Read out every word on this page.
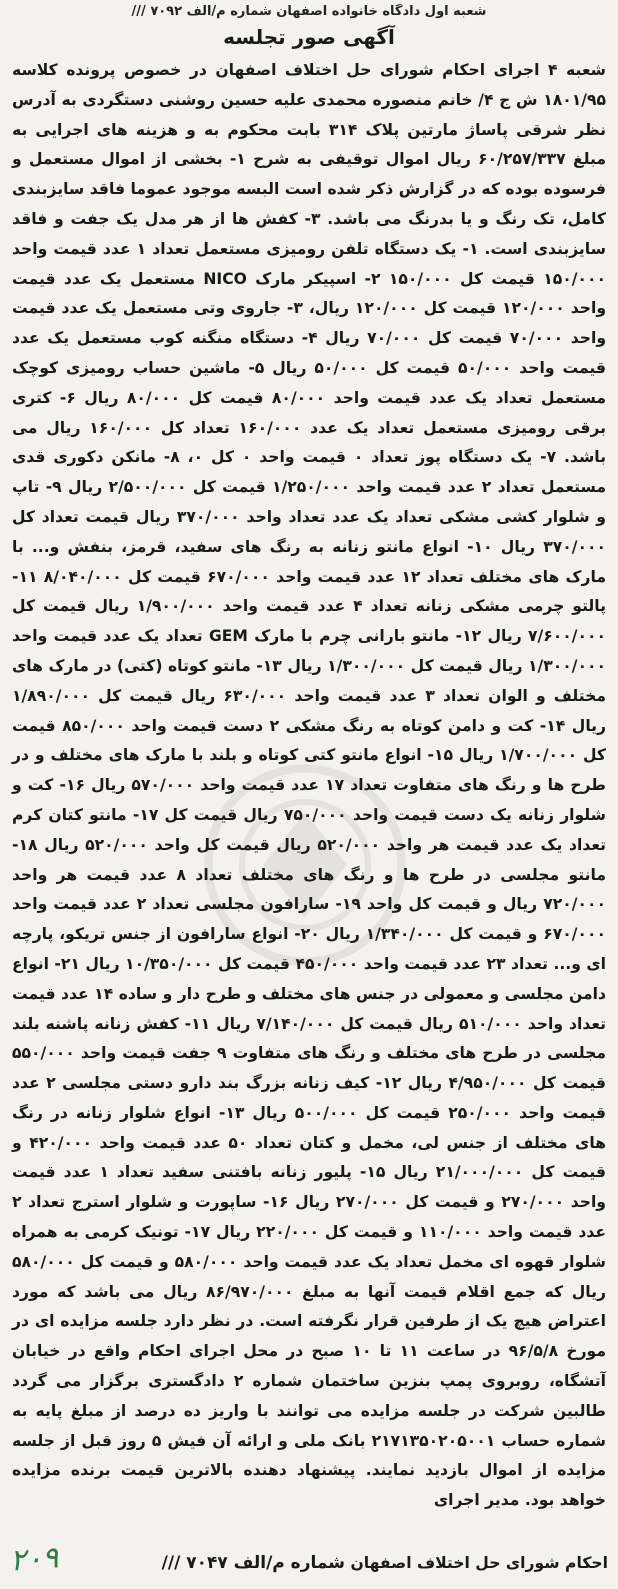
شعبه اول دادگاه خانواده اصفهان شماره م/الف ۷۰۹۲ ///
آگهی صور تجلسه

شعبه ۴ اجرای احکام شورای حل اختلاف اصفهان در خصوص پرونده کلاسه ۱۸۰۱/۹۵ ش ج ۴/ خانم منصوره محمدی علیه حسین روشنی دستگردی به آدرس نظر شرقی پاساژ مارتین پلاک ۳۱۴ بابت محکوم به و هزینه های اجرایی به مبلغ ۶۰/۲۵۷/۳۳۷ ریال اموال توقیفی به شرح ۱- بخشی از اموال مستعمل و فرسوده بوده که در گزارش ذکر شده است البسه موجود عموما فاقد سایزبندی کامل، تک رنگ و یا بدرنگ می باشد. ۳- کفش ها از هر مدل یک جفت و فاقد سایزبندی است. ۱- یک دستگاه تلفن رومیزی مستعمل تعداد ۱ عدد قیمت واحد ۱۵۰/۰۰۰ قیمت کل ۱۵۰/۰۰۰ ۲- اسپیکر مارک NICO مستعمل یک عدد قیمت واحد ۱۲۰/۰۰۰ قیمت کل ۱۲۰/۰۰۰ ریال، ۳- جاروی وتی مستعمل یک عدد قیمت واحد ۷۰/۰۰۰ قیمت کل ۷۰/۰۰۰ ریال ۴- دستگاه منگنه کوب مستعمل یک عدد قیمت واحد ۵۰/۰۰۰ قیمت کل ۵۰/۰۰۰ ریال ۵- ماشین حساب رومیزی کوچک مستعمل تعداد یک عدد قیمت واحد ۸۰/۰۰۰ قیمت کل ۸۰/۰۰۰ ریال ۶- کتری برقی رومیزی مستعمل تعداد یک عدد ۱۶۰/۰۰۰ تعداد کل ۱۶۰/۰۰۰ ریال می باشد. ۷- یک دستگاه پوز تعداد ۰ قیمت واحد ۰ کل ۰، ۸- مانکن دکوری قدی مستعمل تعداد ۲ عدد قیمت واحد ۱/۲۵۰/۰۰۰ قیمت کل ۲/۵۰۰/۰۰۰ ریال ۹- تاپ و شلوار کشی مشکی تعداد یک عدد تعداد واحد ۳۷۰/۰۰۰ ریال قیمت تعداد کل ۳۷۰/۰۰۰ ریال ۱۰- انواع مانتو زنانه به رنگ های سفید، قرمز، بنفش و... با مارک های مختلف تعداد ۱۲ عدد قیمت واحد ۶۷۰/۰۰۰ قیمت کل ۸/۰۴۰/۰۰۰ ۱۱- پالتو چرمی مشکی زنانه تعداد ۴ عدد قیمت واحد ۱/۹۰۰/۰۰۰ ریال قیمت کل ۷/۶۰۰/۰۰۰ ریال ۱۲- مانتو بارانی چرم با مارک GEM تعداد یک عدد قیمت واحد ۱/۳۰۰/۰۰۰ ریال قیمت کل ۱/۳۰۰/۰۰۰ ریال ۱۳- مانتو کوتاه (کتی) در مارک های مختلف و الوان تعداد ۳ عدد قیمت واحد ۶۳۰/۰۰۰ ریال قیمت کل ۱/۸۹۰/۰۰۰ ریال ۱۴- کت و دامن کوتاه به رنگ مشکی ۲ دست قیمت واحد ۸۵۰/۰۰۰ قیمت کل ۱/۷۰۰/۰۰۰ ریال ۱۵- انواع مانتو کتی کوتاه و بلند با مارک های مختلف و در طرح ها و رنگ های متفاوت تعداد ۱۷ عدد قیمت واحد ۵۷۰/۰۰۰ ریال ۱۶- کت و شلوار زنانه یک دست قیمت واحد ۷۵۰/۰۰۰ ریال قیمت کل ۱۷- مانتو کتان کرم تعداد یک عدد قیمت هر واحد ۵۲۰/۰۰۰ ریال قیمت کل واحد ۵۲۰/۰۰۰ ریال ۱۸- مانتو مجلسی در طرح ها و رنگ های مختلف تعداد ۸ عدد قیمت هر واحد ۷۲۰/۰۰۰ ریال و قیمت کل واحد ۱۹- سارافون مجلسی تعداد ۲ عدد قیمت واحد ۶۷۰/۰۰۰ و قیمت کل ۱/۳۴۰/۰۰۰ ریال ۲۰- انواع سارافون از جنس تریکو، پارچه ای و... تعداد ۲۳ عدد قیمت واحد ۴۵۰/۰۰۰ قیمت کل ۱۰/۳۵۰/۰۰۰ ریال ۲۱- انواع دامن مجلسی و معمولی در جنس های مختلف و طرح دار و ساده ۱۴ عدد قیمت تعداد واحد ۵۱۰/۰۰۰ ریال قیمت کل ۷/۱۴۰/۰۰۰ ریال ۱۱- کفش زنانه پاشنه بلند مجلسی در طرح های مختلف و رنگ های متفاوت ۹ جفت قیمت واحد ۵۵۰/۰۰۰ قیمت کل ۴/۹۵۰/۰۰۰ ریال ۱۲- کیف زنانه بزرگ بند دارو دستی مجلسی ۲ عدد قیمت واحد ۲۵۰/۰۰۰ قیمت کل ۵۰۰/۰۰۰ ریال ۱۳- انواع شلوار زنانه در رنگ های مختلف از جنس لی، مخمل و کتان تعداد ۵۰ عدد قیمت واحد ۴۲۰/۰۰۰ و قیمت کل ۲۱/۰۰۰/۰۰۰ ریال ۱۵- پلیور زنانه بافتنی سفید تعداد ۱ عدد قیمت واحد ۲۷۰/۰۰۰ و قیمت کل ۲۷۰/۰۰۰ ریال ۱۶- ساپورت و شلوار استرج تعداد ۲ عدد قیمت واحد ۱۱۰/۰۰۰ و قیمت کل ۲۲۰/۰۰۰ ریال ۱۷- تونیک کرمی به همراه شلوار قهوه ای مخمل تعداد یک عدد قیمت واحد ۵۸۰/۰۰۰ و قیمت کل ۵۸۰/۰۰۰ ریال که جمع اقلام قیمت آنها به مبلغ ۸۶/۹۷۰/۰۰۰ ریال می باشد که مورد اعتراض هیچ یک از طرفین قرار نگرفته است. در نظر دارد جلسه مزایده ای در مورخ ۹۶/۵/۸ در ساعت ۱۱ تا ۱۰ صبح در محل اجرای احکام واقع در خیابان آتشگاه، روبروی پمپ بنزین ساختمان شماره ۲ دادگستری برگزار می گردد طالبین شرکت در جلسه مزایده می توانند با واریز ده درصد از مبلغ پایه به شماره حساب ۲۱۷۱۳۵۰۲۰۵۰۰۱ بانک ملی و ارائه آن فیش ۵ روز قبل از جلسه مزایده از اموال بازدید نمایند. پیشنهاد دهنده بالاترین قیمت برنده مزایده خواهد بود. مدیر اجرای

احکام شورای حل اختلاف اصفهان شماره م/الف ۷۰۴۷ ///
۲۰۹
